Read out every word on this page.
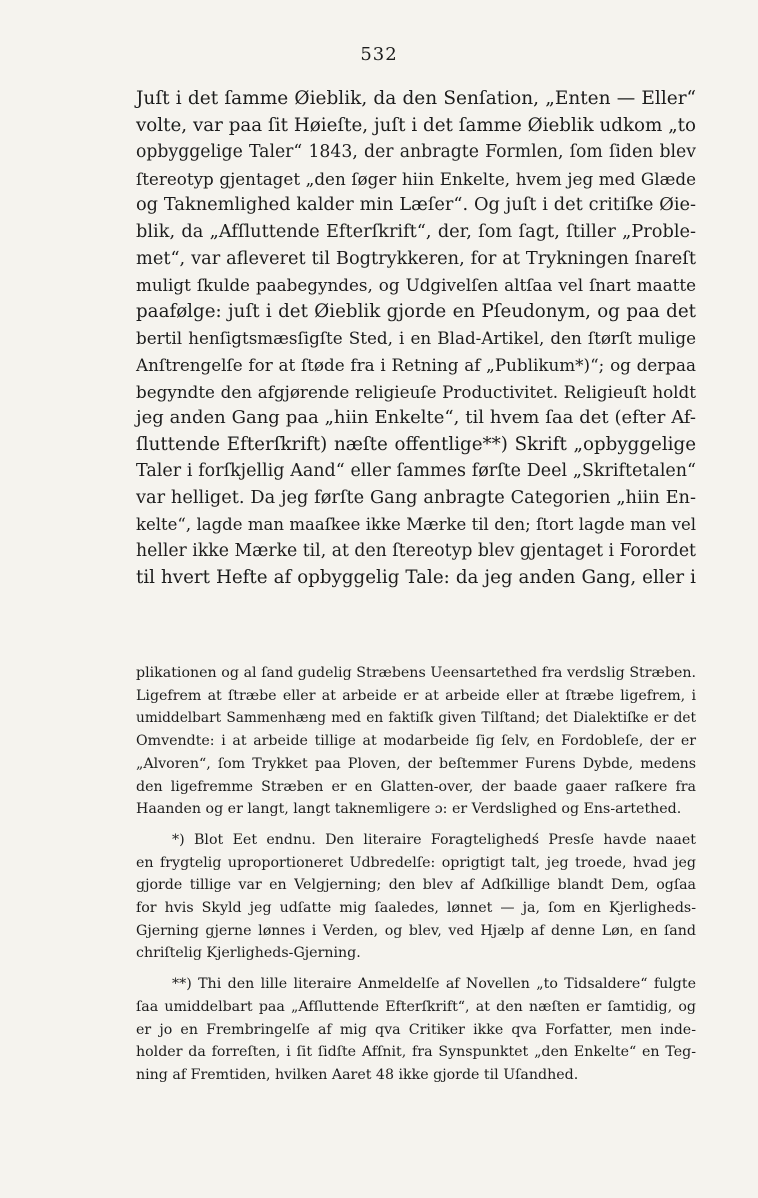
532
Juſt i det ſamme Øieblik, da den Senſation, „Enten — Eller“
volte, var paa ſit Høieſte, juſt i det ſamme Øieblik udkom „to
opbyggelige Taler“ 1843, der anbragte Formlen, ſom ſiden blev
ſtereotyp gjentaget „den ſøger hiin Enkelte, hvem jeg med Glæde
og Taknemlighed kalder min Læſer“. Og juſt i det critiſke Øie-
blik, da „Afſluttende Efterſkrift“, der, ſom ſagt, ſtiller „Proble-
met“, var afleveret til Bogtrykkeren, for at Trykningen ſnareſt
muligt ſkulde paabegyndes, og Udgivelſen altſaa vel ſnart maatte
paafølge: juſt i det Øieblik gjorde en Pſeudonym, og paa det
bertil henſigtsmæsſigſte Sted, i en Blad-Artikel, den ſtørſt mulige
Anſtrengelſe for at ſtøde fra i Retning af „Publikum*)“; og derpaa
begyndte den afgjørende religieuſe Productivitet. Religieuſt holdt
jeg anden Gang paa „hiin Enkelte“, til hvem ſaa det (efter Af-
ſluttende Efterſkrift) næſte offentlige**) Skrift „opbyggelige
Taler i forſkjellig Aand“ eller ſammes førſte Deel „Skriftetalen“
var helliget. Da jeg førſte Gang anbragte Categorien „hiin En-
kelte“, lagde man maaſkee ikke Mærke til den; ſtort lagde man vel
heller ikke Mærke til, at den ſtereotyp blev gjentaget i Forordet
til hvert Hefte af opbyggelig Tale: da jeg anden Gang, eller i
plikationen og al ſand gudelig Stræbens Ueensartethed fra verdslig Stræben.
Ligefrem at ſtræbe eller at arbeide er at arbeide eller at ſtræbe ligefrem, i
umiddelbart Sammenhæng med en faktiſk given Tilſtand; det Dialektiſke er det
Omvendte: i at arbeide tillige at modarbeide ſig ſelv, en Fordobleſe, der er
„Alvoren“, ſom Trykket paa Ploven, der beſtemmer Furens Dybde, medens
den ligefremme Stræben er en Glatten-over, der baade gaaer raſkere fra
Haanden og er langt, langt taknemligere ɔ: er Verdslighed og Ens-artethed.
*) Blot Eet endnu. Den literaire Foragtelighedś Presſe havde naaet
en frygtelig uproportioneret Udbredelſe: oprigtigt talt, jeg troede, hvad jeg
gjorde tillige var en Velgjerning; den blev af Adſkillige blandt Dem, ogſaa
for hvis Skyld jeg udſatte mig ſaaledes, lønnet — ja, ſom en Kjerligheds-
Gjerning gjerne lønnes i Verden, og blev, ved Hjælp af denne Løn, en ſand
chriſtelig Kjerligheds-Gjerning.
**) Thi den lille literaire Anmeldelſe af Novellen „to Tidsaldere“ fulgte
ſaa umiddelbart paa „Afſluttende Efterſkrift“, at den næſten er ſamtidig, og
er jo en Frembringelſe af mig qva Critiker ikke qva Forfatter, men inde-
holder da forreſten, i ſit ſidſte Afſnit, fra Synspunktet „den Enkelte“ en Teg-
ning af Fremtiden, hvilken Aaret 48 ikke gjorde til Uſandhed.
